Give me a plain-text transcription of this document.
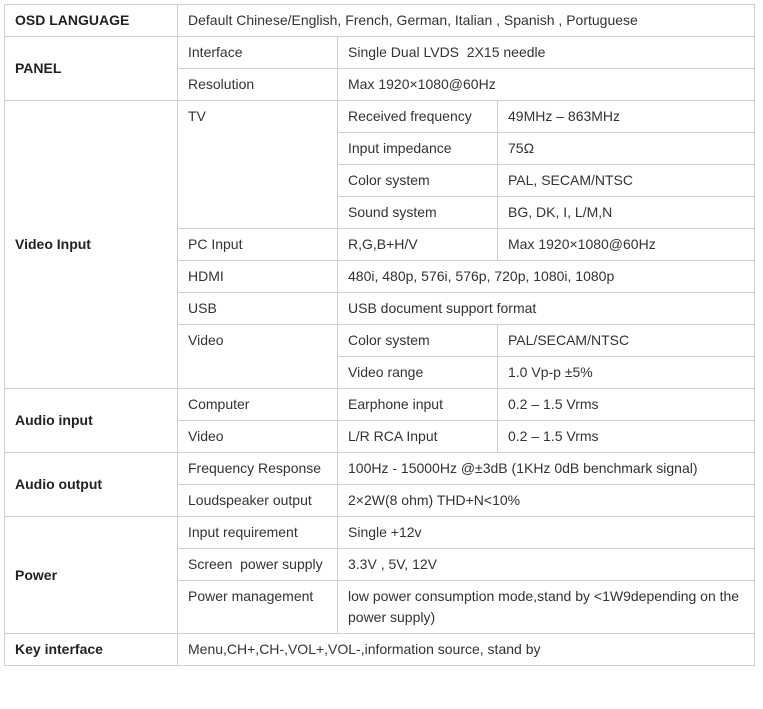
OSD LANGUAGE	Default Chinese/English, French, German, Italian , Spanish , Portuguese		
PANEL	Interface	Single Dual LVDS  2X15 needle	
	Resolution	Max 1920×1080@60Hz	
Video Input	TV	Received frequency	49MHz – 863MHz
		Input impedance	75Ω
		Color system	PAL, SECAM/NTSC
		Sound system	BG, DK, I, L/M,N
	PC Input	R,G,B+H/V	Max 1920×1080@60Hz
	HDMI	480i, 480p, 576i, 576p, 720p, 1080i, 1080p	
	USB	USB document support format	
	Video	Color system	PAL/SECAM/NTSC
		Video range	1.0 Vp-p ±5%
Audio input	Computer	Earphone input	0.2 – 1.5 Vrms
	Video	L/R RCA Input	0.2 – 1.5 Vrms
Audio output	Frequency Response	100Hz - 15000Hz @±3dB (1KHz 0dB benchmark signal)	
	Loudspeaker output	2×2W(8 ohm) THD+N<10%	
Power	Input requirement	Single +12v	
	Screen  power supply	3.3V , 5V, 12V	
	Power management	low power consumption mode,stand by <1W9depending on the power supply)	
Key interface	Menu,CH+,CH-,VOL+,VOL-,information source, stand by		
